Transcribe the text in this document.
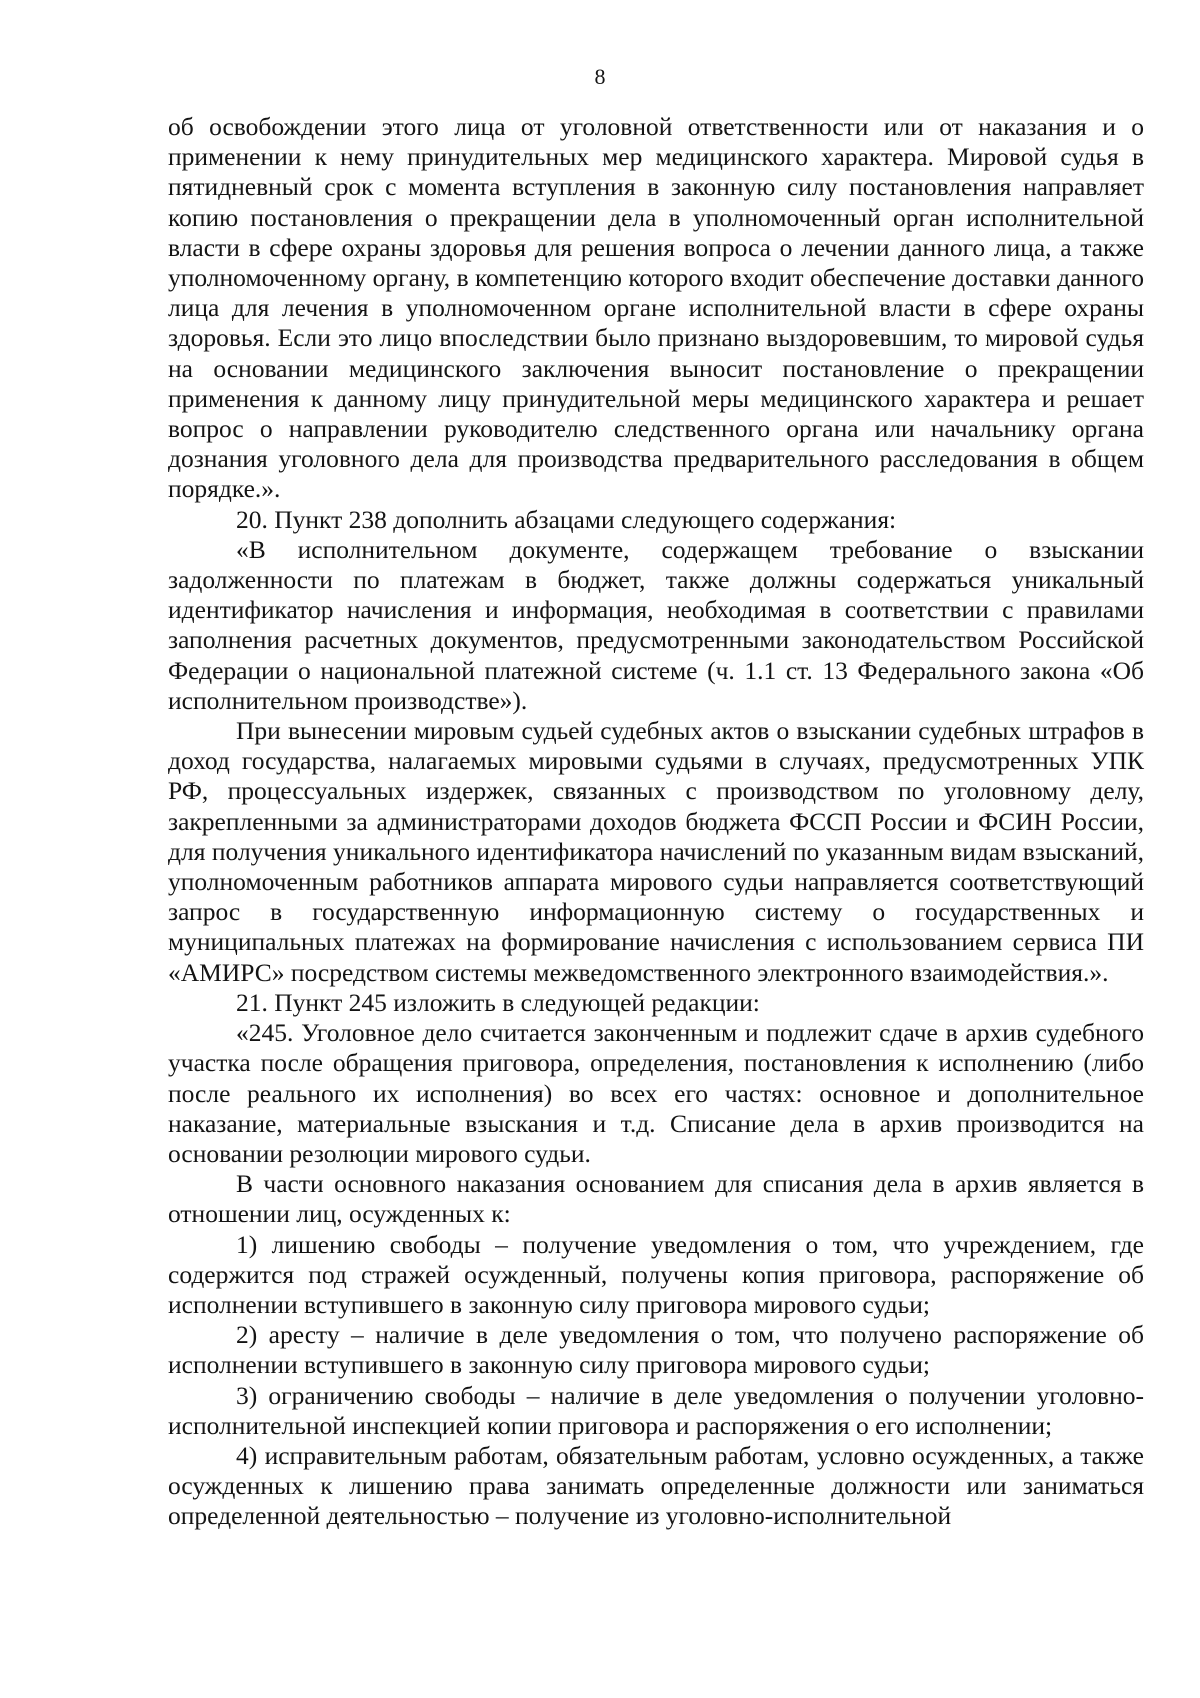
8

об освобождении этого лица от уголовной ответственности или от наказания и о применении к нему принудительных мер медицинского характера. Мировой судья в пятидневный срок с момента вступления в законную силу постановления направляет копию постановления о прекращении дела в уполномоченный орган исполнительной власти в сфере охраны здоровья для решения вопроса о лечении данного лица, а также уполномоченному органу, в компетенцию которого входит обеспечение доставки данного лица для лечения в уполномоченном органе исполнительной власти в сфере охраны здоровья. Если это лицо впоследствии было признано выздоровевшим, то мировой судья на основании медицинского заключения выносит постановление о прекращении применения к данному лицу принудительной меры медицинского характера и решает вопрос о направлении руководителю следственного органа или начальнику органа дознания уголовного дела для производства предварительного расследования в общем порядке.».

20. Пункт 238 дополнить абзацами следующего содержания:

«В исполнительном документе, содержащем требование о взыскании задолженности по платежам в бюджет, также должны содержаться уникальный идентификатор начисления и информация, необходимая в соответствии с правилами заполнения расчетных документов, предусмотренными законодательством Российской Федерации о национальной платежной системе (ч. 1.1 ст. 13 Федерального закона «Об исполнительном производстве»).

При вынесении мировым судьей судебных актов о взыскании судебных штрафов в доход государства, налагаемых мировыми судьями в случаях, предусмотренных УПК РФ, процессуальных издержек, связанных с производством по уголовному делу, закрепленными за администраторами доходов бюджета ФССП России и ФСИН России, для получения уникального идентификатора начислений по указанным видам взысканий, уполномоченным работников аппарата мирового судьи направляется соответствующий запрос в государственную информационную систему о государственных и муниципальных платежах на формирование начисления с использованием сервиса ПИ «АМИРС» посредством системы межведомственного электронного взаимодействия.».

21. Пункт 245 изложить в следующей редакции:

«245. Уголовное дело считается законченным и подлежит сдаче в архив судебного участка после обращения приговора, определения, постановления к исполнению (либо после реального их исполнения) во всех его частях: основное и дополнительное наказание, материальные взыскания и т.д. Списание дела в архив производится на основании резолюции мирового судьи.

В части основного наказания основанием для списания дела в архив является в отношении лиц, осужденных к:

1) лишению свободы – получение уведомления о том, что учреждением, где содержится под стражей осужденный, получены копия приговора, распоряжение об исполнении вступившего в законную силу приговора мирового судьи;

2) аресту – наличие в деле уведомления о том, что получено распоряжение об исполнении вступившего в законную силу приговора мирового судьи;

3) ограничению свободы – наличие в деле уведомления о получении уголовно-исполнительной инспекцией копии приговора и распоряжения о его исполнении;

4) исправительным работам, обязательным работам, условно осужденных, а также осужденных к лишению права занимать определенные должности или заниматься определенной деятельностью – получение из уголовно-исполнительной
